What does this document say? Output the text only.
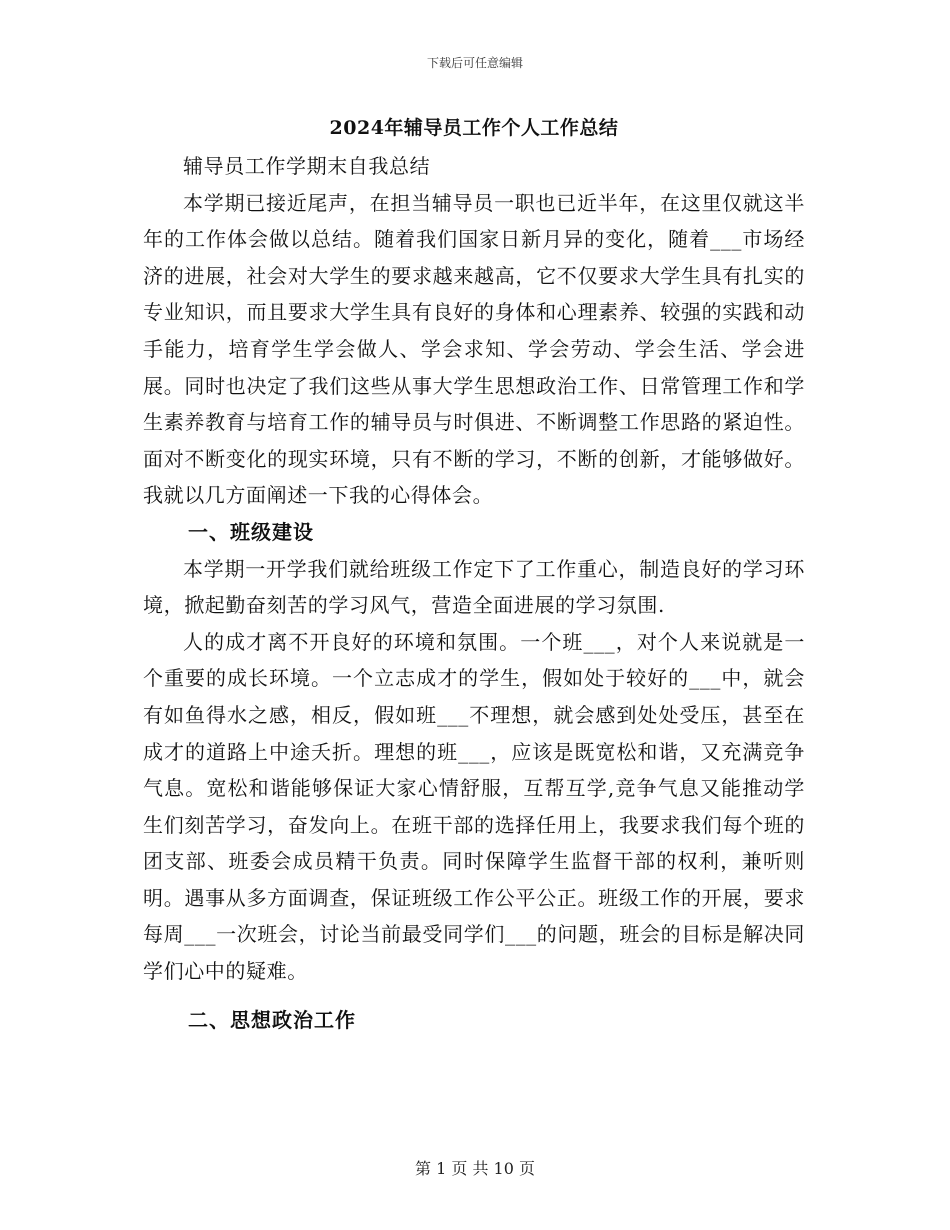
下载后可任意编辑
2024年辅导员工作个人工作总结

辅导员工作学期末自我总结

本学期已接近尾声，在担当辅导员一职也已近半年，在这里仅就这半年的工作体会做以总结。随着我们国家日新月异的变化，随着___市场经济的进展，社会对大学生的要求越来越高，它不仅要求大学生具有扎实的专业知识，而且要求大学生具有良好的身体和心理素养、较强的实践和动手能力，培育学生学会做人、学会求知、学会劳动、学会生活、学会进展。同时也决定了我们这些从事大学生思想政治工作、日常管理工作和学生素养教育与培育工作的辅导员与时俱进、不断调整工作思路的紧迫性。面对不断变化的现实环境，只有不断的学习，不断的创新，才能够做好。我就以几方面阐述一下我的心得体会。

一、班级建设

本学期一开学我们就给班级工作定下了工作重心，制造良好的学习环境，掀起勤奋刻苦的学习风气，营造全面进展的学习氛围.

人的成才离不开良好的环境和氛围。一个班___，对个人来说就是一个重要的成长环境。一个立志成才的学生，假如处于较好的___中，就会有如鱼得水之感，相反，假如班___不理想，就会感到处处受压，甚至在成才的道路上中途夭折。理想的班___，应该是既宽松和谐，又充满竞争气息。宽松和谐能够保证大家心情舒服，互帮互学,竞争气息又能推动学生们刻苦学习，奋发向上。在班干部的选择任用上，我要求我们每个班的团支部、班委会成员精干负责。同时保障学生监督干部的权利，兼听则明。遇事从多方面调查，保证班级工作公平公正。班级工作的开展，要求每周___一次班会，讨论当前最受同学们___的问题，班会的目标是解决同学们心中的疑难。

二、思想政治工作

第 1 页 共 10 页
